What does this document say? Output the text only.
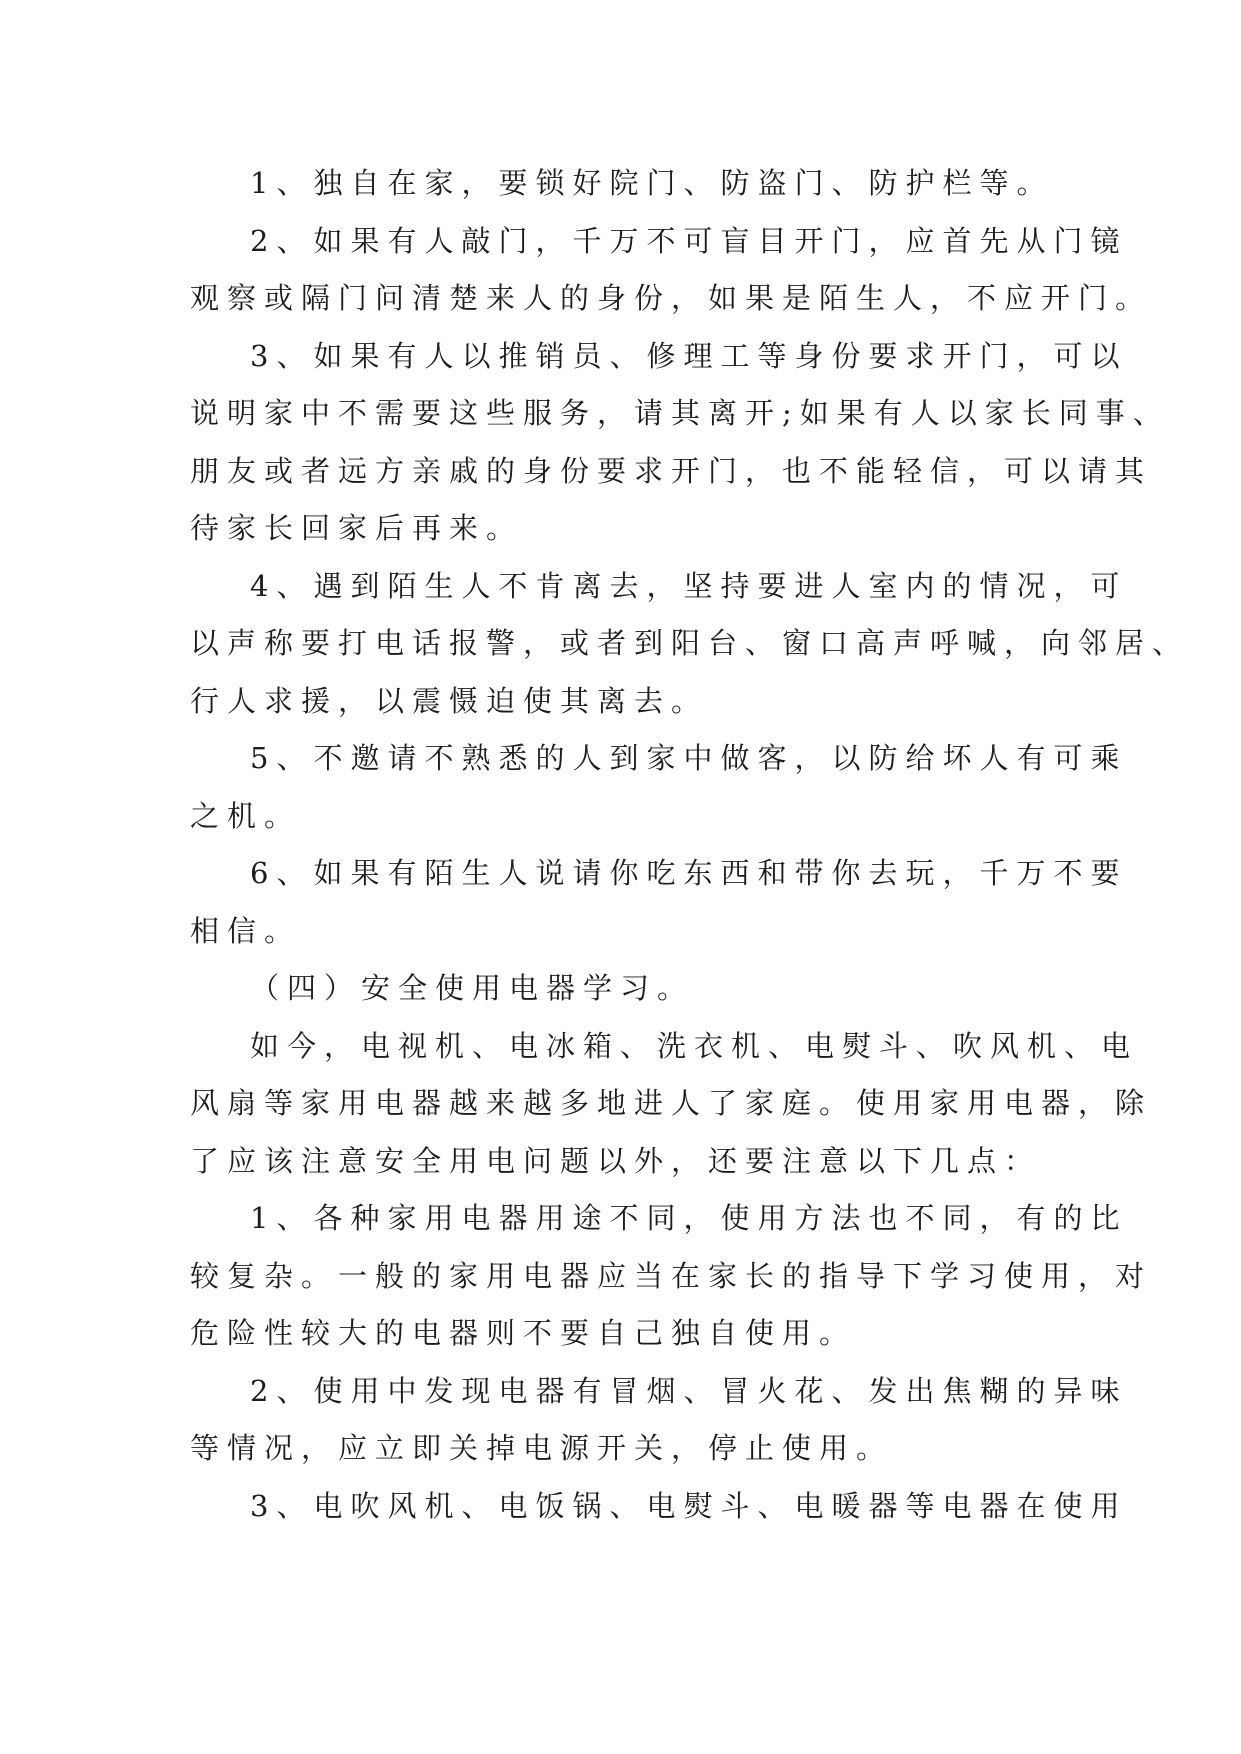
1、独自在家，要锁好院门、防盗门、防护栏等。
2、如果有人敲门，千万不可盲目开门，应首先从门镜
观察或隔门问清楚来人的身份，如果是陌生人，不应开门。
3、如果有人以推销员、修理工等身份要求开门，可以
说明家中不需要这些服务，请其离开;如果有人以家长同事、
朋友或者远方亲戚的身份要求开门，也不能轻信，可以请其
待家长回家后再来。
4、遇到陌生人不肯离去，坚持要进人室内的情况，可
以声称要打电话报警，或者到阳台、窗口高声呼喊，向邻居、
行人求援，以震慑迫使其离去。
5、不邀请不熟悉的人到家中做客，以防给坏人有可乘
之机。
6、如果有陌生人说请你吃东西和带你去玩，千万不要
相信。
（四）安全使用电器学习。
如今，电视机、电冰箱、洗衣机、电熨斗、吹风机、电
风扇等家用电器越来越多地进人了家庭。使用家用电器，除
了应该注意安全用电问题以外，还要注意以下几点：
1、各种家用电器用途不同，使用方法也不同，有的比
较复杂。一般的家用电器应当在家长的指导下学习使用，对
危险性较大的电器则不要自己独自使用。
2、使用中发现电器有冒烟、冒火花、发出焦糊的异味
等情况，应立即关掉电源开关，停止使用。
3、电吹风机、电饭锅、电熨斗、电暖器等电器在使用
